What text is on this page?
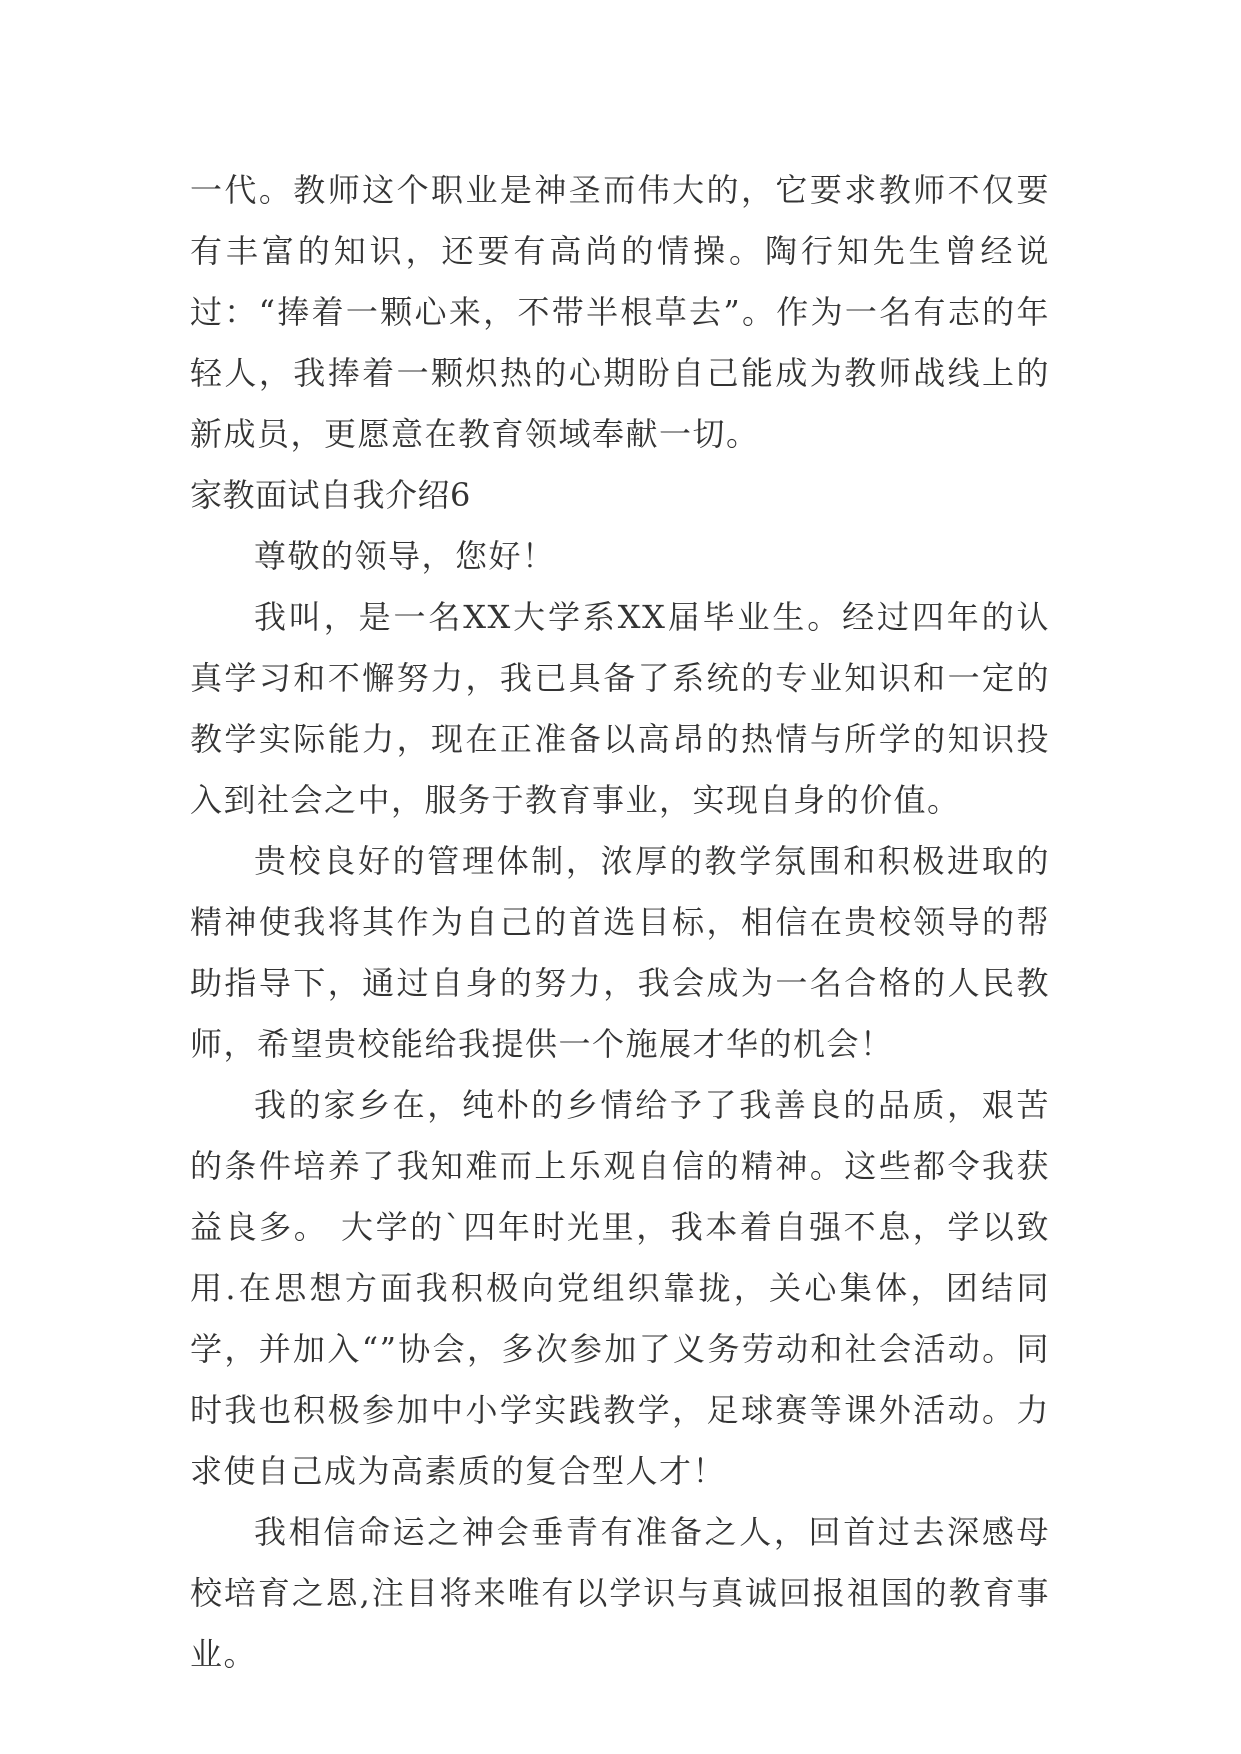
一代。教师这个职业是神圣而伟大的，它要求教师不仅要有丰富的知识，还要有高尚的情操。陶行知先生曾经说过：“捧着一颗心来，不带半根草去”。作为一名有志的年轻人，我捧着一颗炽热的心期盼自己能成为教师战线上的新成员，更愿意在教育领域奉献一切。

家教面试自我介绍6

尊敬的领导，您好！

我叫，是一名XX大学系XX届毕业生。经过四年的认真学习和不懈努力，我已具备了系统的专业知识和一定的教学实际能力，现在正准备以高昂的热情与所学的知识投入到社会之中，服务于教育事业，实现自身的价值。

贵校良好的管理体制，浓厚的教学氛围和积极进取的精神使我将其作为自己的首选目标，相信在贵校领导的帮助指导下，通过自身的努力，我会成为一名合格的人民教师，希望贵校能给我提供一个施展才华的机会！

我的家乡在，纯朴的乡情给予了我善良的品质，艰苦的条件培养了我知难而上乐观自信的精神。这些都令我获益良多。 大学的`四年时光里，我本着自强不息，学以致用.在思想方面我积极向党组织靠拢，关心集体，团结同学，并加入“”协会，多次参加了义务劳动和社会活动。同时我也积极参加中小学实践教学，足球赛等课外活动。力求使自己成为高素质的复合型人才！

我相信命运之神会垂青有准备之人，回首过去深感母校培育之恩,注目将来唯有以学识与真诚回报祖国的教育事业。
